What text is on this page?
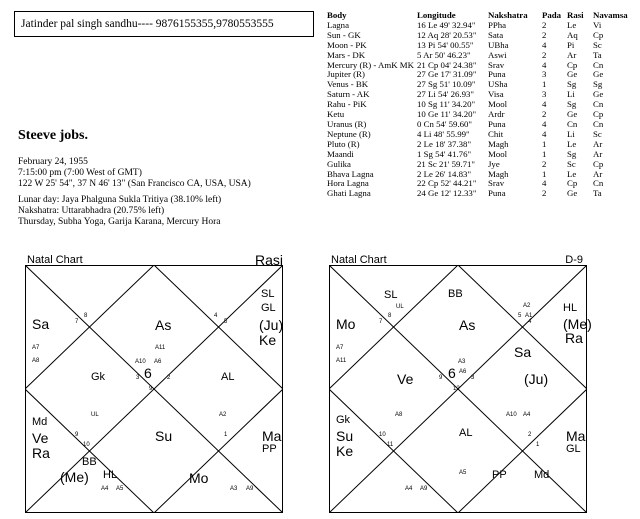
Jatinder pal singh sandhu---- 9876155355,9780553555
Steeve jobs.
February 24, 1955
7:15:00 pm (7:00 West of GMT)
122 W 25' 54", 37 N 46' 13" (San Francisco CA, USA, USA)
Lunar day: Jaya Phalguna Sukla Tritiya (38.10% left)
Nakshatra: Uttarabhadra (20.75% left)
Thursday, Subha Yoga, Garija Karana, Mercury Hora
Body	Longitude	Nakshatra	Pada	Rasi	Navamsa
Lagna	16 Le 49' 32.94"	PPha	2	Le	Vi
Sun - GK	12 Aq 28' 20.53"	Sata	2	Aq	Cp
Moon - PK	13 Pi 54' 00.55"	UBha	4	Pi	Sc
Mars - DK	5 Ar 50' 46.23"	Aswi	2	Ar	Ta
Mercury (R) - AmK MK	21 Cp 04' 24.38"	Srav	4	Cp	Cn
Jupiter (R)	27 Ge 17' 31.09"	Puna	3	Ge	Ge
Venus - BK	27 Sg 51' 10.09"	USha	1	Sg	Sg
Saturn - AK	27 Li 54' 26.93"	Visa	3	Li	Ge
Rahu - PiK	10 Sg 11' 34.20"	Mool	4	Sg	Cn
Ketu	10 Ge 11' 34.20"	Ardr	2	Ge	Cp
Uranus (R)	0 Cn 54' 59.60"	Puna	4	Cn	Cn
Neptune (R)	4 Li 48' 55.99"	Chit	4	Li	Sc
Pluto (R)	2 Le 18' 37.38"	Magh	1	Le	Ar
Maandi	1 Sg 54' 41.76"	Mool	1	Sg	Ar
Gulika	21 Sc 21' 59.71"	Jye	2	Sc	Cp
Bhava Lagna	2 Le 26' 14.83"	Magh	1	Le	Ar
Hora Lagna	22 Cp 52' 44.21"	Srav	4	Cp	Cn
Ghati Lagna	24 Ge 12' 12.33"	Puna	2	Ge	Ta
Natal Chart	Rasi
Sa	7
8
A7
A8
As
4
5
A11
SL
GL
(Ju)
Ke
Gk
A10 A6
3 6	2
9
AL
UL	A2
Md
9
10
Ve
Ra
Su	1 Ma
PP
BB
(Me) HL
A4 A5
Mo
A3 A9
Natal Chart	D-9
SL
UL
BB
A2
A1
HL
(Me)
Ra
Mo	7
8
As
5
4
A7
A11
Sa
Ve
A3
9 6 A6
3
12
(Ju)
A8	A10 A4
Gk
10
11
Su
Ke
AL	2
1
Ma
GL
A5 PP Md
A4 A9
